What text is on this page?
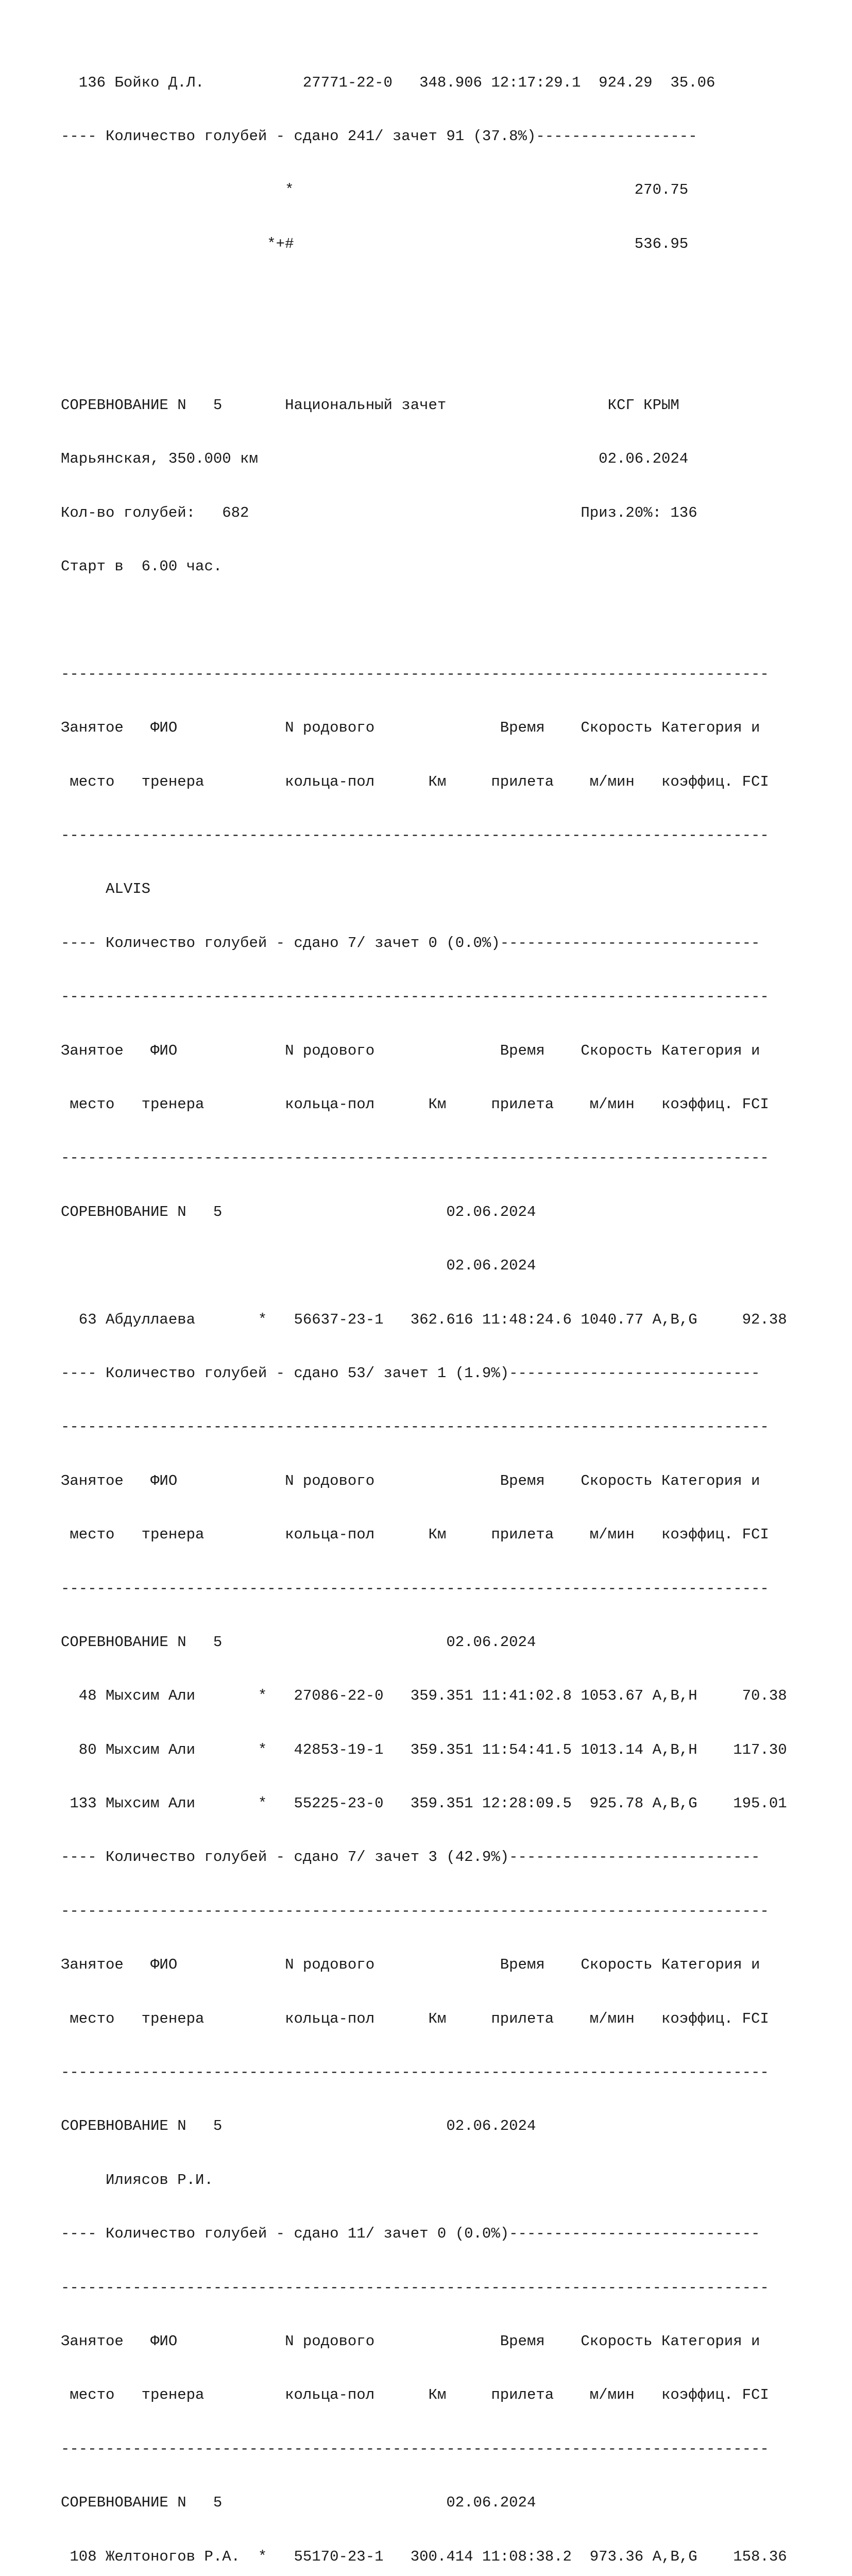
136 Бойко Д.Л.           27771-22-0   348.906 12:17:29.1  924.29  35.06

---- Количество голубей - сдано 241/ зачет 91 (37.8%)------------------

*                                      270.75

*+#                                      536.95

СОРЕВНОВАНИЕ N   5       Национальный зачет                  КСГ КРЫМ

Марьянская, 350.000 км                                      02.06.2024

Кол-во голубей:   682                                     Приз.20%: 136

Старт в  6.00 час.

-------------------------------------------------------------------------------

Занятое   ФИО            N родового              Время    Скорость Категория и

место   тренера         кольца-пол      Км     прилета    м/мин   коэффиц. FCI

-------------------------------------------------------------------------------

ALVIS

---- Количество голубей - сдано 7/ зачет 0 (0.0%)-----------------------------

-------------------------------------------------------------------------------

Занятое   ФИО            N родового              Время    Скорость Категория и

место   тренера         кольца-пол      Км     прилета    м/мин   коэффиц. FCI

-------------------------------------------------------------------------------

СОРЕВНОВАНИЕ N   5                         02.06.2024

02.06.2024

63 Абдуллаева       *   56637-23-1   362.616 11:48:24.6 1040.77 A,B,G     92.38

---- Количество голубей - сдано 53/ зачет 1 (1.9%)----------------------------

-------------------------------------------------------------------------------

Занятое   ФИО            N родового              Время    Скорость Категория и

место   тренера         кольца-пол      Км     прилета    м/мин   коэффиц. FCI

-------------------------------------------------------------------------------

СОРЕВНОВАНИЕ N   5                         02.06.2024

48 Мыхсим Али       *   27086-22-0   359.351 11:41:02.8 1053.67 A,B,H     70.38

80 Мыхсим Али       *   42853-19-1   359.351 11:54:41.5 1013.14 A,B,H    117.30

133 Мыхсим Али       *   55225-23-0   359.351 12:28:09.5  925.78 A,B,G    195.01

---- Количество голубей - сдано 7/ зачет 3 (42.9%)----------------------------

-------------------------------------------------------------------------------

Занятое   ФИО            N родового              Время    Скорость Категория и

место   тренера         кольца-пол      Км     прилета    м/мин   коэффиц. FCI

-------------------------------------------------------------------------------

СОРЕВНОВАНИЕ N   5                         02.06.2024

Илиясов Р.И.

---- Количество голубей - сдано 11/ зачет 0 (0.0%)----------------------------

-------------------------------------------------------------------------------

Занятое   ФИО            N родового              Время    Скорость Категория и

место   тренера         кольца-пол      Км     прилета    м/мин   коэффиц. FCI

-------------------------------------------------------------------------------

СОРЕВНОВАНИЕ N   5                         02.06.2024

108 Желтоногов Р.А.  *   55170-23-1   300.414 11:08:38.2  973.36 A,B,G    158.36
